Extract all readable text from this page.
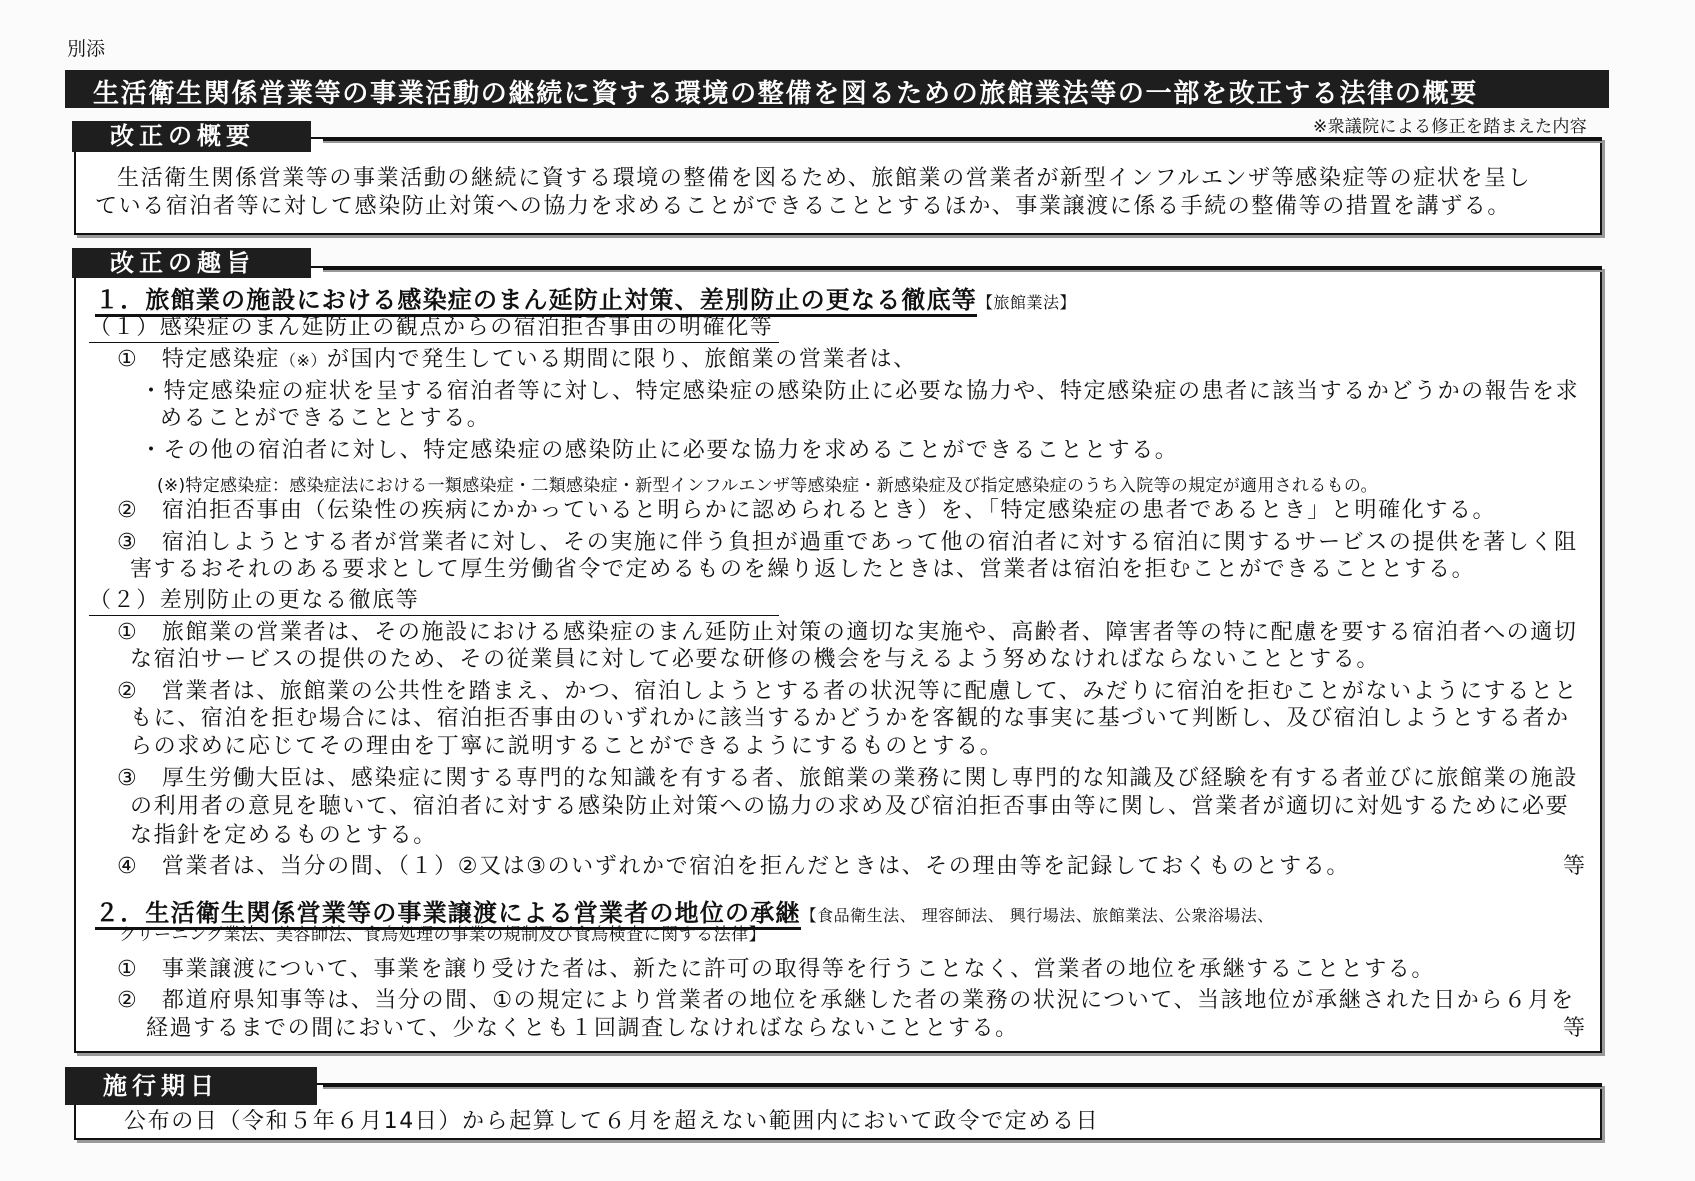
別添
生活衛生関係営業等の事業活動の継続に資する環境の整備を図るための旅館業法等の一部を改正する法律の概要
改正の概要	※衆議院による修正を踏まえた内容
生活衛生関係営業等の事業活動の継続に資する環境の整備を図るため、旅館業の営業者が新型インフルエンザ等感染症等の症状を呈し
ている宿泊者等に対して感染防止対策への協力を求めることができることとするほか、事業譲渡に係る手続の整備等の措置を講ずる。
改正の趣旨
１．旅館業の施設における感染症のまん延防止対策、差別防止の更なる徹底等【旅館業法】
（１）感染症のまん延防止の観点からの宿泊拒否事由の明確化等
①　特定感染症（※）が国内で発生している期間に限り、旅館業の営業者は、
・特定感染症の症状を呈する宿泊者等に対し、特定感染症の感染防止に必要な協力や、特定感染症の患者に該当するかどうかの報告を求
めることができることとする。
・その他の宿泊者に対し、特定感染症の感染防止に必要な協力を求めることができることとする。
(※)特定感染症：感染症法における一類感染症・二類感染症・新型インフルエンザ等感染症・新感染症及び指定感染症のうち入院等の規定が適用されるもの。
②　宿泊拒否事由（伝染性の疾病にかかっていると明らかに認められるとき）を、「特定感染症の患者であるとき」と明確化する。
③　宿泊しようとする者が営業者に対し、その実施に伴う負担が過重であって他の宿泊者に対する宿泊に関するサービスの提供を著しく阻
害するおそれのある要求として厚生労働省令で定めるものを繰り返したときは、営業者は宿泊を拒むことができることとする。
（２）差別防止の更なる徹底等
①　旅館業の営業者は、その施設における感染症のまん延防止対策の適切な実施や、高齢者、障害者等の特に配慮を要する宿泊者への適切
な宿泊サービスの提供のため、その従業員に対して必要な研修の機会を与えるよう努めなければならないこととする。
②　営業者は、旅館業の公共性を踏まえ、かつ、宿泊しようとする者の状況等に配慮して、みだりに宿泊を拒むことがないようにするとと
もに、宿泊を拒む場合には、宿泊拒否事由のいずれかに該当するかどうかを客観的な事実に基づいて判断し、及び宿泊しようとする者か
らの求めに応じてその理由を丁寧に説明することができるようにするものとする。
③　厚生労働大臣は、感染症に関する専門的な知識を有する者、旅館業の業務に関し専門的な知識及び経験を有する者並びに旅館業の施設
の利用者の意見を聴いて、宿泊者に対する感染防止対策への協力の求め及び宿泊拒否事由等に関し、営業者が適切に対処するために必要
な指針を定めるものとする。
④　営業者は、当分の間、（１）②又は③のいずれかで宿泊を拒んだときは、その理由等を記録しておくものとする。	等
２．生活衛生関係営業等の事業譲渡による営業者の地位の承継【食品衛生法、 理容師法、 興行場法、旅館業法、公衆浴場法、
クリーニング業法、美容師法、食鳥処理の事業の規制及び食鳥検査に関する法律】
①　事業譲渡について、事業を譲り受けた者は、新たに許可の取得等を行うことなく、営業者の地位を承継することとする。
②　都道府県知事等は、当分の間、①の規定により営業者の地位を承継した者の業務の状況について、当該地位が承継された日から６月を
経過するまでの間において、少なくとも１回調査しなければならないこととする。	等
施行期日
公布の日（令和５年６月14日）から起算して６月を超えない範囲内において政令で定める日
